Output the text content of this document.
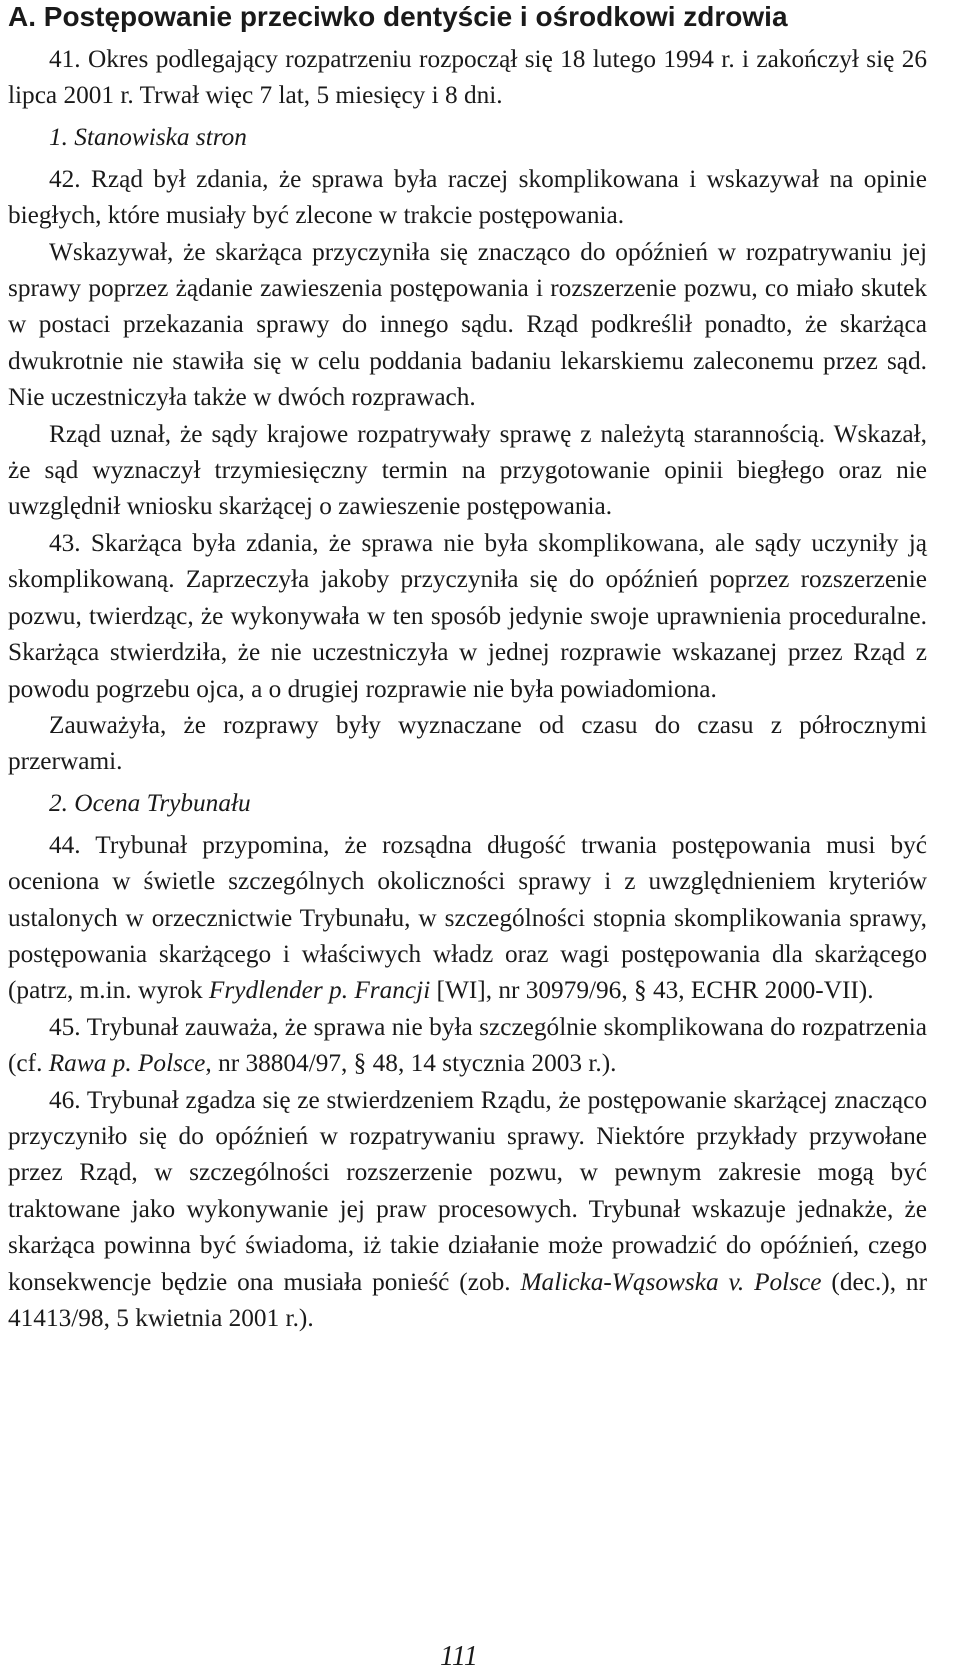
A. Postępowanie przeciwko dentyście i ośrodkowi zdrowia

41. Okres podlegający rozpatrzeniu rozpoczął się 18 lutego 1994 r. i zakończył się 26 lipca 2001 r. Trwał więc 7 lat, 5 miesięcy i 8 dni.

1. Stanowiska stron

42. Rząd był zdania, że sprawa była raczej skomplikowana i wskazywał na opinie biegłych, które musiały być zlecone w trakcie postępowania.

Wskazywał, że skarżąca przyczyniła się znacząco do opóźnień w rozpatrywaniu jej sprawy poprzez żądanie zawieszenia postępowania i rozszerzenie pozwu, co miało skutek w postaci przekazania sprawy do innego sądu. Rząd podkreślił ponadto, że skarżąca dwukrotnie nie stawiła się w celu poddania badaniu lekarskiemu zaleconemu przez sąd. Nie uczestniczyła także w dwóch rozprawach.

Rząd uznał, że sądy krajowe rozpatrywały sprawę z należytą starannością. Wskazał, że sąd wyznaczył trzymiesięczny termin na przygotowanie opinii biegłego oraz nie uwzględnił wniosku skarżącej o zawieszenie postępowania.

43. Skarżąca była zdania, że sprawa nie była skomplikowana, ale sądy uczyniły ją skomplikowaną. Zaprzeczyła jakoby przyczyniła się do opóźnień poprzez rozszerzenie pozwu, twierdząc, że wykonywała w ten sposób jedynie swoje uprawnienia proceduralne. Skarżąca stwierdziła, że nie uczestniczyła w jednej rozprawie wskazanej przez Rząd z powodu pogrzebu ojca, a o drugiej rozprawie nie była powiadomiona.

Zauważyła, że rozprawy były wyznaczane od czasu do czasu z półrocznymi przerwami.

2. Ocena Trybunału

44. Trybunał przypomina, że rozsądna długość trwania postępowania musi być oceniona w świetle szczególnych okoliczności sprawy i z uwzględnieniem kryteriów ustalonych w orzecznictwie Trybunału, w szczególności stopnia skomplikowania sprawy, postępowania skarżącego i właściwych władz oraz wagi postępowania dla skarżącego (patrz, m.in. wyrok Frydlender p. Francji [WI], nr 30979/96, § 43, ECHR 2000-VII).

45. Trybunał zauważa, że sprawa nie była szczególnie skomplikowana do rozpatrzenia (cf. Rawa p. Polsce, nr 38804/97, § 48, 14 stycznia 2003 r.).

46. Trybunał zgadza się ze stwierdzeniem Rządu, że postępowanie skarżącej znacząco przyczyniło się do opóźnień w rozpatrywaniu sprawy. Niektóre przykłady przywołane przez Rząd, w szczególności rozszerzenie pozwu, w pewnym zakresie mogą być traktowane jako wykonywanie jej praw procesowych. Trybunał wskazuje jednakże, że skarżąca powinna być świadoma, iż takie działanie może prowadzić do opóźnień, czego konsekwencje będzie ona musiała ponieść (zob. Malicka-Wąsowska v. Polsce (dec.), nr 41413/98, 5 kwietnia 2001 r.).

111
